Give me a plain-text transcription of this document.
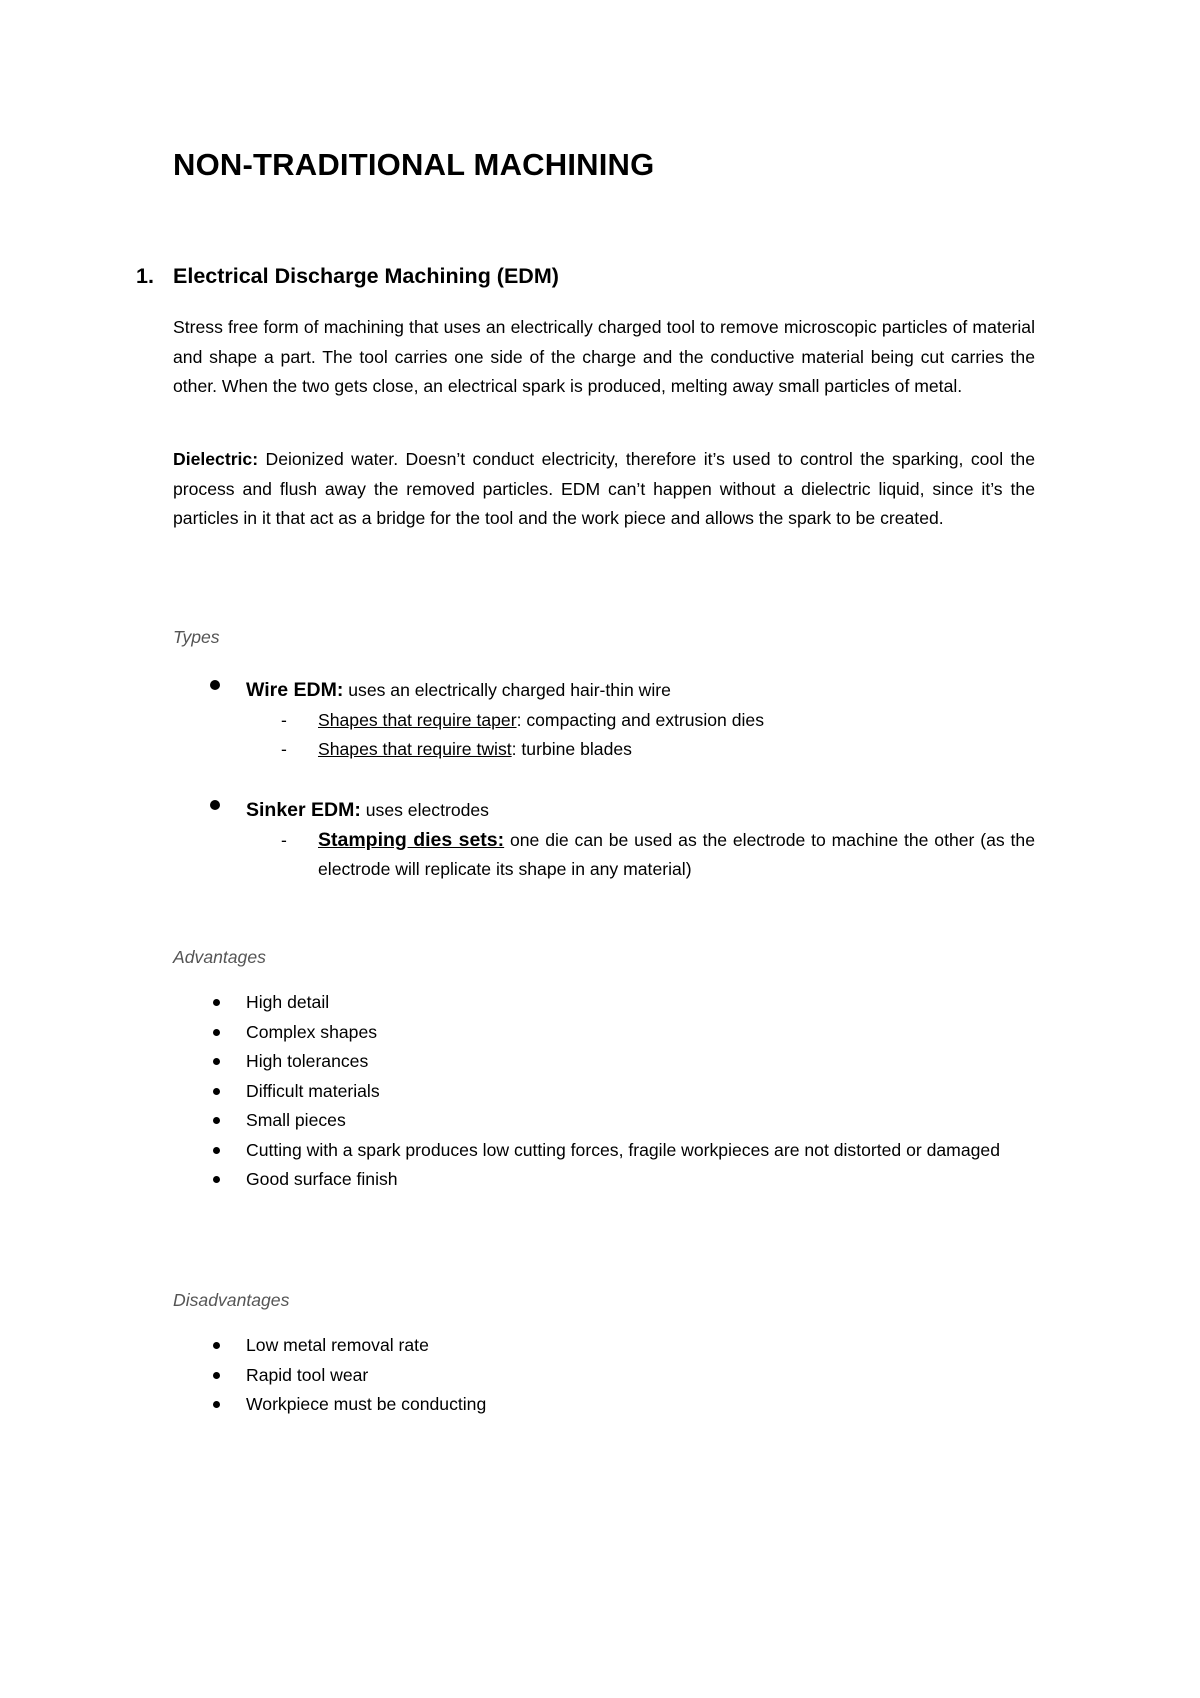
NON-TRADITIONAL MACHINING
1. Electrical Discharge Machining (EDM)

Stress free form of machining that uses an electrically charged tool to remove microscopic particles of material and shape a part. The tool carries one side of the charge and the conductive material being cut carries the other. When the two gets close, an electrical spark is produced, melting away small particles of metal.

Dielectric: Deionized water. Doesn’t conduct electricity, therefore it’s used to control the sparking, cool the process and flush away the removed particles. EDM can’t happen without a dielectric liquid, since it’s the particles in it that act as a bridge for the tool and the work piece and allows the spark to be created.

Types

Wire EDM: uses an electrically charged hair-thin wire
- Shapes that require taper: compacting and extrusion dies
- Shapes that require twist: turbine blades
Sinker EDM: uses electrodes
- Stamping dies sets: one die can be used as the electrode to machine the other (as the electrode will replicate its shape in any material)

Advantages

High detail
Complex shapes
High tolerances
Difficult materials
Small pieces
Cutting with a spark produces low cutting forces, fragile workpieces are not distorted or damaged
Good surface finish

Disadvantages

Low metal removal rate
Rapid tool wear
Workpiece must be conducting
